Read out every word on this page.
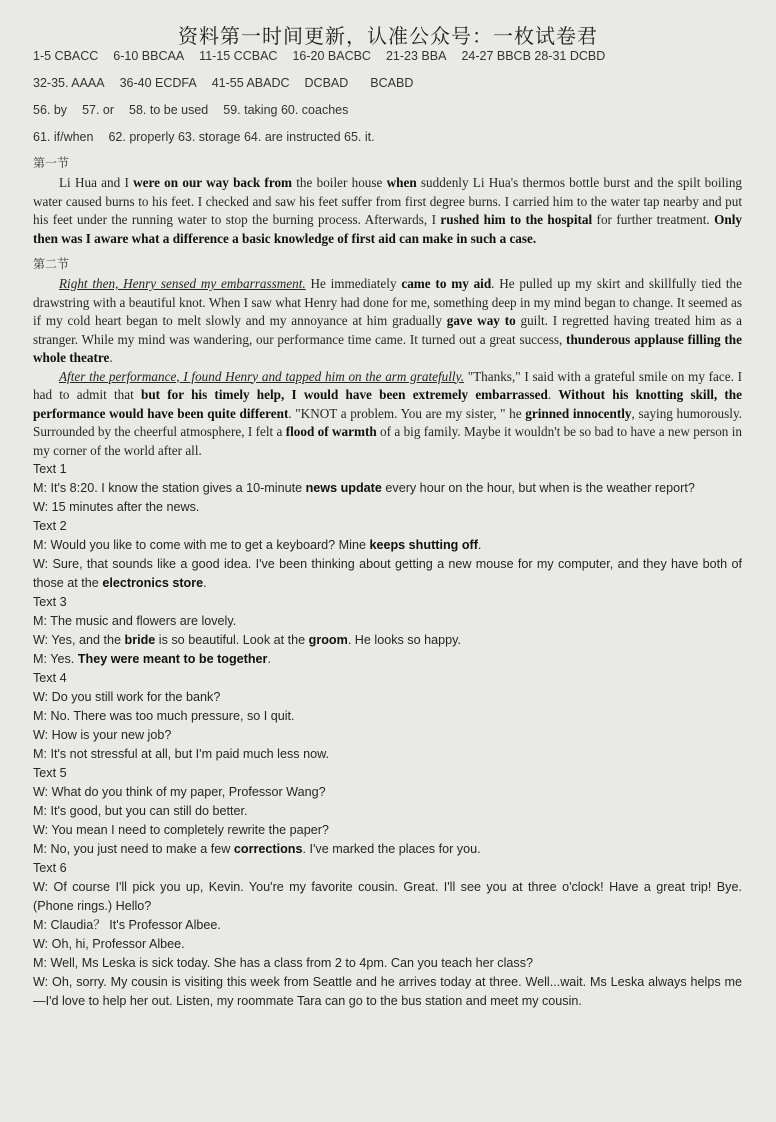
资料第一时间更新，认准公众号：一枚试卷君
1-5 CBACC 6-10 BBCAA 11-15 CCBAC 16-20 BACBC 21-23 BBA 24-27 BBCB 28-31 DCBD
32-35. AAAA 36-40 ECDFA 41-55 ABADC DCBAD BCABD
56. by 57. or 58. to be used 59. taking 60. coaches
61. if/when 62. properly 63. storage 64. are instructed 65. it.
第一节

Li Hua and I were on our way back from the boiler house when suddenly Li Hua's thermos bottle burst and the spilt boiling water caused burns to his feet. I checked and saw his feet suffer from first degree burns. I carried him to the water tap nearby and put his feet under the running water to stop the burning process. Afterwards, I rushed him to the hospital for further treatment. Only then was I aware what a difference a basic knowledge of first aid can make in such a case.

第二节

Right then, Henry sensed my embarrassment. He immediately came to my aid. He pulled up my skirt and skillfully tied the drawstring with a beautiful knot. When I saw what Henry had done for me, something deep in my mind began to change. It seemed as if my cold heart began to melt slowly and my annoyance at him gradually gave way to guilt. I regretted having treated him as a stranger. While my mind was wandering, our performance time came. It turned out a great success, thunderous applause filling the whole theatre.

After the performance, I found Henry and tapped him on the arm gratefully. "Thanks," I said with a grateful smile on my face. I had to admit that but for his timely help, I would have been extremely embarrassed. Without his knotting skill, the performance would have been quite different. "KNOT a problem. You are my sister, " he grinned innocently, saying humorously. Surrounded by the cheerful atmosphere, I felt a flood of warmth of a big family. Maybe it wouldn't be so bad to have a new person in my corner of the world after all.

Text 1

M: It's 8:20. I know the station gives a 10-minute news update every hour on the hour, but when is the weather report?

W: 15 minutes after the news.

Text 2

M: Would you like to come with me to get a keyboard? Mine keeps shutting off.

W: Sure, that sounds like a good idea. I've been thinking about getting a new mouse for my computer, and they have both of those at the electronics store.

Text 3

M: The music and flowers are lovely.

W: Yes, and the bride is so beautiful. Look at the groom. He looks so happy.

M: Yes. They were meant to be together.

Text 4

W: Do you still work for the bank?

M: No. There was too much pressure, so I quit.

W: How is your new job?

M: It's not stressful at all, but I'm paid much less now.

Text 5

W: What do you think of my paper, Professor Wang?

M: It's good, but you can still do better.

W: You mean I need to completely rewrite the paper?

M: No, you just need to make a few corrections. I've marked the places for you.

Text 6

W: Of course I'll pick you up, Kevin. You're my favorite cousin. Great. I'll see you at three o'clock! Have a great trip! Bye. (Phone rings.) Hello?

M: Claudia？ It's Professor Albee.

W: Oh, hi, Professor Albee.

M: Well, Ms Leska is sick today. She has a class from 2 to 4pm. Can you teach her class?

W: Oh, sorry. My cousin is visiting this week from Seattle and he arrives today at three. Well...wait. Ms Leska always helps me—I'd love to help her out. Listen, my roommate Tara can go to the bus station and meet my cousin.
